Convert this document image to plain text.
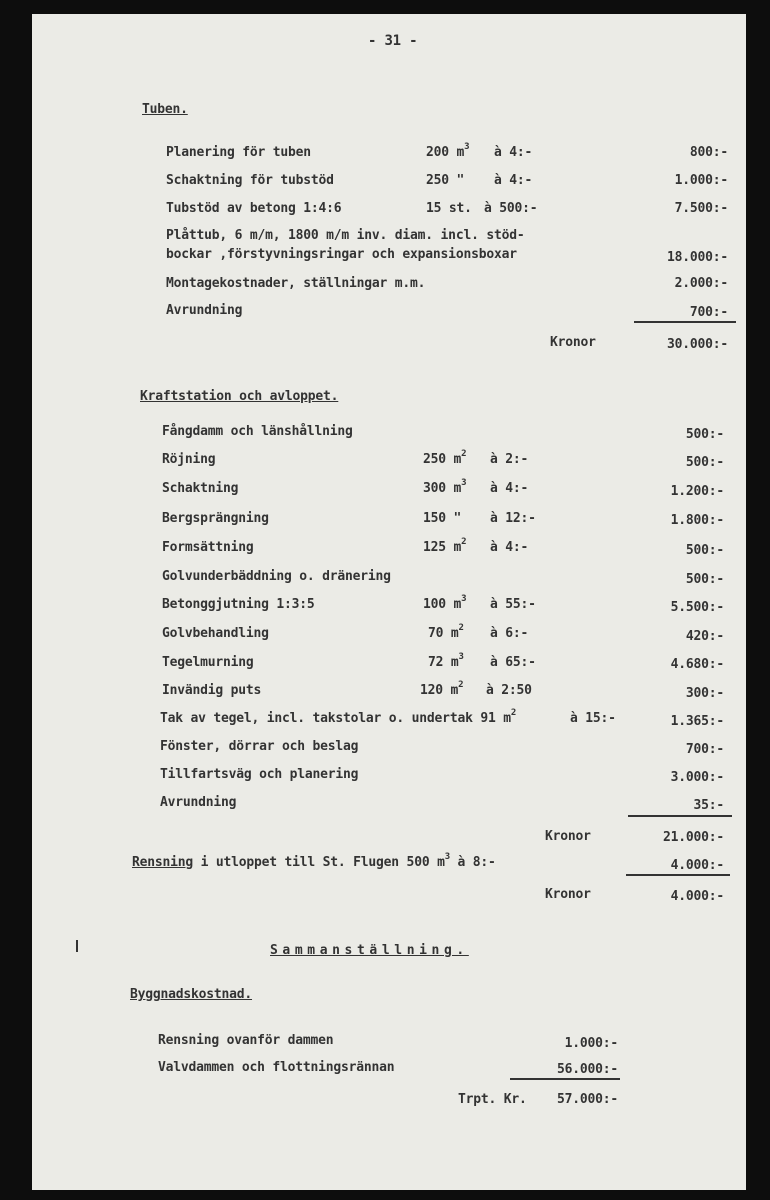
- 31 -
Tuben.
Planering för tuben	200 $m^3$ à 4:-	800:-
Schaktning för tubstöd	250 " à 4:-	1.000:-
Tubstöd av betong 1:4:6	15 st. à 500:-	7.500:-
Plåttub, 6 m/m, 1800 m/m inv. diam. incl. stöd-
bockar ,förstyvningsringar och expansionsboxar	18.000:-
Montagekostnader, ställningar m.m.	2.000:-
Avrundning	700:-
Kronor	30.000:-
Kraftstation och avloppet.
Fångdamm och länshållning	500:-
Röjning	250 $m^2$ à 2:-	500:-
Schaktning	300 $m^3$ à 4:-	1.200:-
Bergsprängning	150 " à 12:-	1.800:-
Formsättning	125 $m^2$ à 4:-	500:-
Golvunderbäddning o. dränering	500:-
Betonggjutning 1:3:5	100 $m^3$ à 55:-	5.500:-
Golvbehandling	70 $m^2$ à 6:-	420:-
Tegelmurning	72 $m^3$ à 65:-	4.680:-
Invändig puts	120 $m^2$ à 2:50	300:-
Tak av tegel, incl. takstolar o. undertak 91 $m^2$	à 15:-	1.365:-
Fönster, dörrar och beslag	700:-
Tillfartsväg och planering	3.000:-
Avrundning	35:-
Kronor	21.000:-
Rensning i utloppet till St. Flugen 500 $m^3$ à 8:-	4.000:-
Kronor	4.000:-
Sammanställning.
Byggnadskostnad.
Rensning ovanför dammen	1.000:-
Valvdammen och flottningsrännan	56.000:-
Trpt. Kr. 57.000:-
